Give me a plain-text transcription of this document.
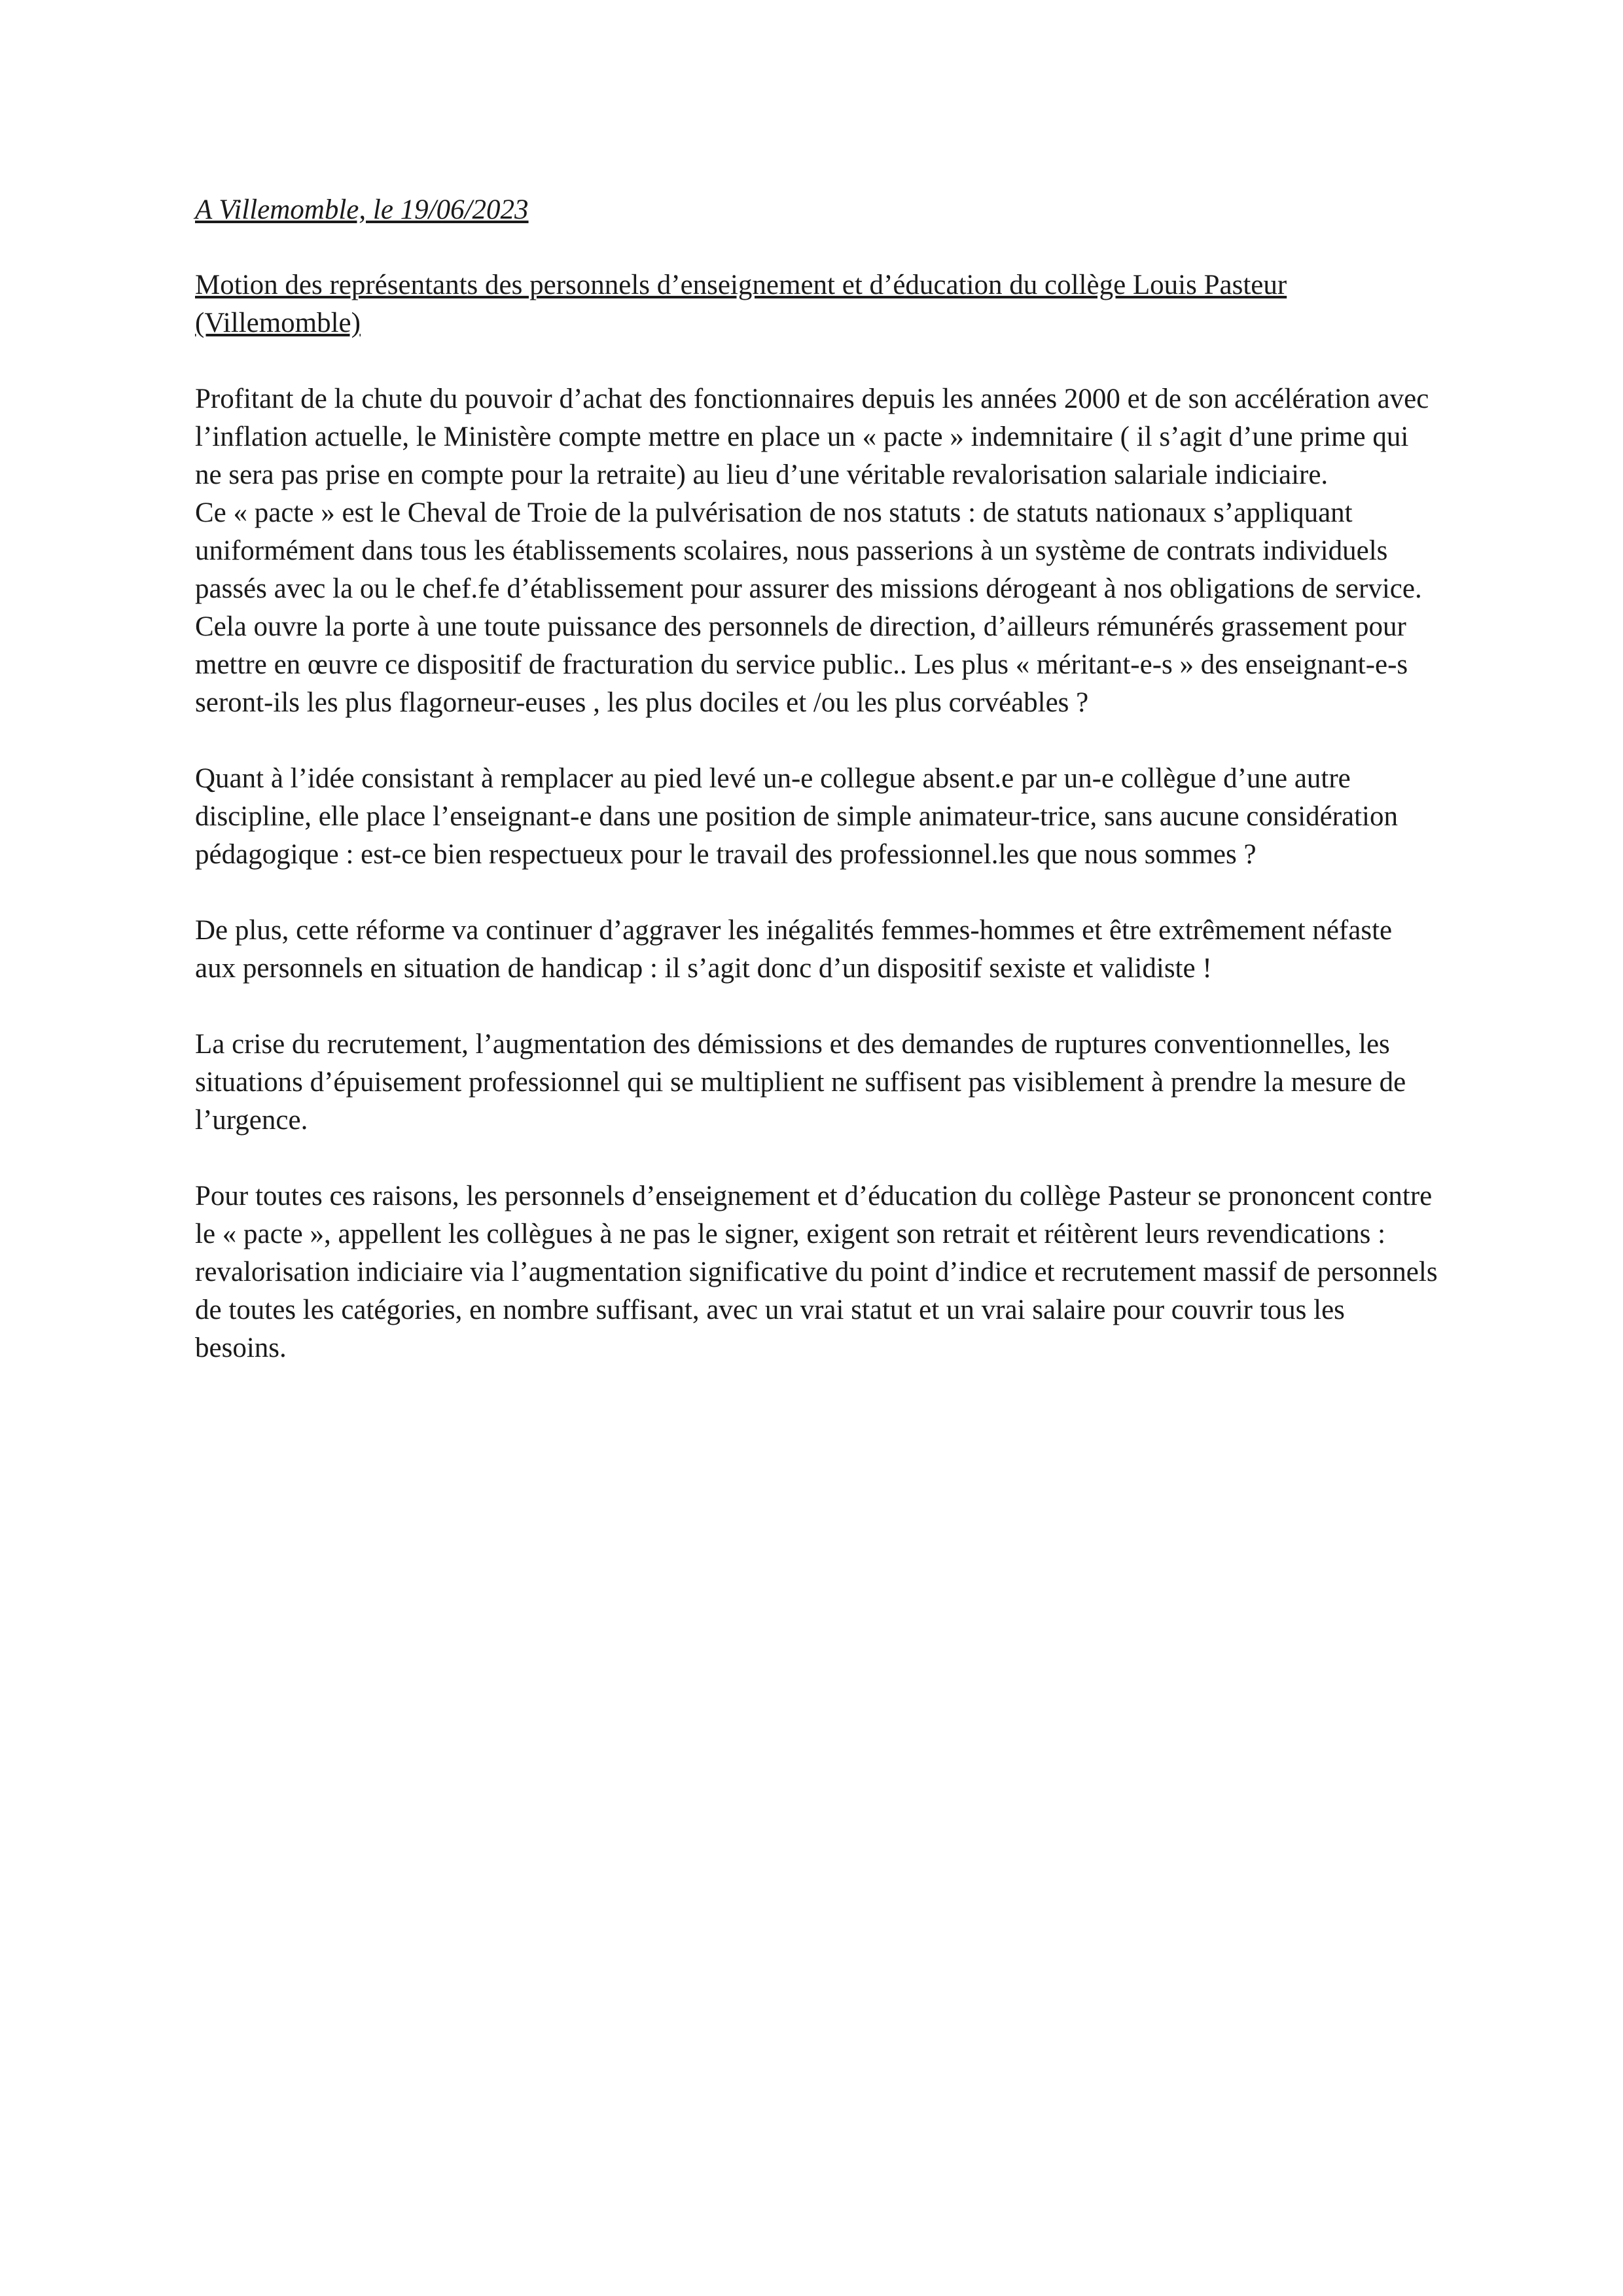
A Villemomble, le 19/06/2023

Motion des représentants des personnels d’enseignement et d’éducation du collège Louis Pasteur (Villemomble)

Profitant de la chute du pouvoir d’achat des fonctionnaires depuis les années 2000 et de son accélération avec l’inflation actuelle, le Ministère compte mettre en place un « pacte » indemnitaire ( il s’agit d’une prime qui ne sera pas prise en compte pour la retraite) au lieu d’une véritable revalorisation salariale indiciaire.

Ce « pacte » est le Cheval de Troie de la pulvérisation de nos statuts : de statuts nationaux s’appliquant uniformément dans tous les établissements scolaires, nous passerions à un système de contrats individuels passés avec la ou le chef.fe d’établissement pour assurer des missions dérogeant à nos obligations de service. Cela ouvre la porte à une toute puissance des personnels de direction, d’ailleurs rémunérés grassement pour mettre en œuvre ce dispositif de fracturation du service public.. Les plus « méritant-e-s » des enseignant-e-s seront-ils les plus flagorneur-euses , les plus dociles et /ou les plus corvéables ?

Quant à l’idée consistant à remplacer au pied levé un-e collegue absent.e par un-e collègue d’une autre discipline, elle place l’enseignant-e dans une position de simple animateur-trice, sans aucune considération pédagogique : est-ce bien respectueux pour le travail des professionnel.les que nous sommes ?

De plus, cette réforme va continuer d’aggraver les inégalités femmes-hommes et être extrêmement néfaste aux personnels en situation de handicap : il s’agit donc d’un dispositif sexiste et validiste !

La crise du recrutement, l’augmentation des démissions et des demandes de ruptures conventionnelles, les situations d’épuisement professionnel qui se multiplient ne suffisent pas visiblement à prendre la mesure de l’urgence.

Pour toutes ces raisons, les personnels d’enseignement et d’éducation du collège Pasteur se prononcent contre le « pacte », appellent les collègues à ne pas le signer, exigent son retrait et réitèrent leurs revendications : revalorisation indiciaire via l’augmentation significative du point d’indice et recrutement massif de personnels de toutes les catégories, en nombre suffisant, avec un vrai statut et un vrai salaire pour couvrir tous les besoins.
